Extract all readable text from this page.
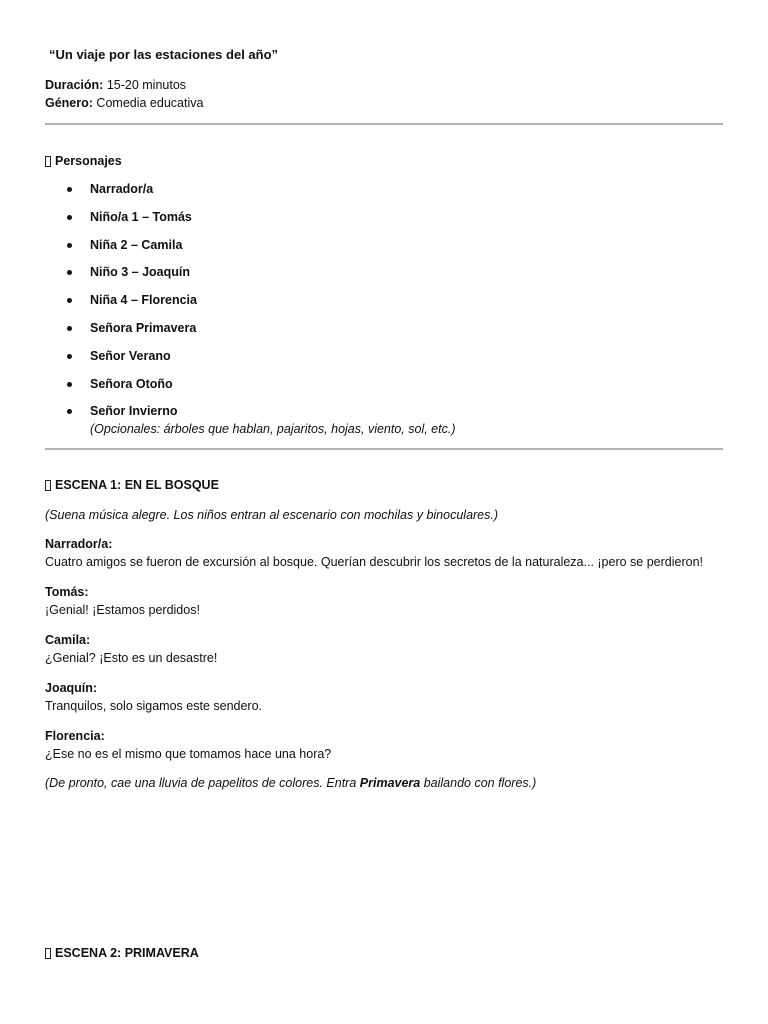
“Un viaje por las estaciones del año”
Duración: 15-20 minutos
Género: Comedia educativa
Personajes
Narrador/a
Niño/a 1 – Tomás
Niña 2 – Camila
Niño 3 – Joaquín
Niña 4 – Florencia
Señora Primavera
Señor Verano
Señora Otoño
Señor Invierno
(Opcionales: árboles que hablan, pajaritos, hojas, viento, sol, etc.)
ESCENA 1: EN EL BOSQUE
(Suena música alegre. Los niños entran al escenario con mochilas y binoculares.)
Narrador/a:
Cuatro amigos se fueron de excursión al bosque. Querían descubrir los secretos de la naturaleza... ¡pero se perdieron!
Tomás:
¡Genial! ¡Estamos perdidos!
Camila:
¿Genial? ¡Esto es un desastre!
Joaquín:
Tranquilos, solo sigamos este sendero.
Florencia:
¿Ese no es el mismo que tomamos hace una hora?
(De pronto, cae una lluvia de papelitos de colores. Entra Primavera bailando con flores.)
ESCENA 2: PRIMAVERA
